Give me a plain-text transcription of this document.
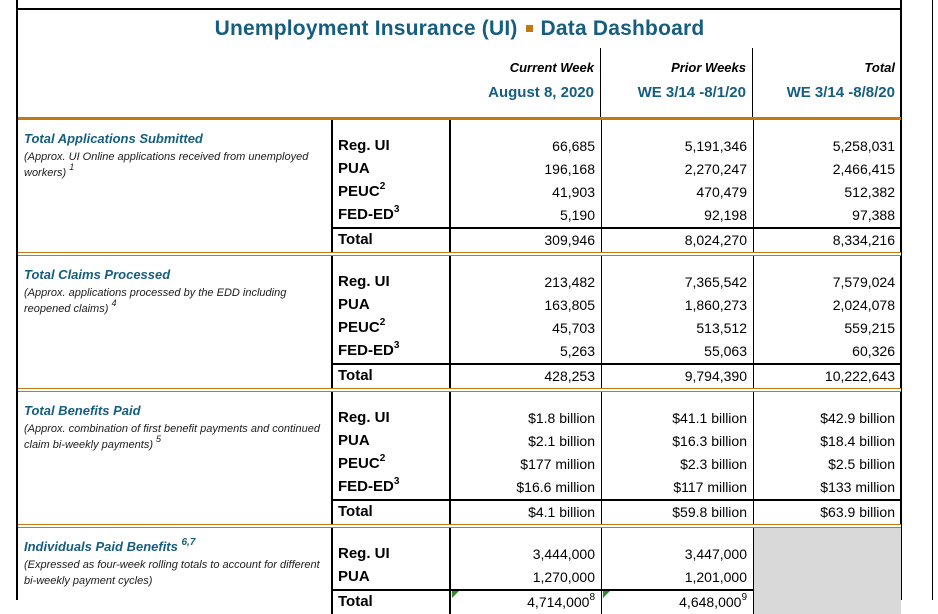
Unemployment Insurance (UI) Data Dashboard
Current Week
August 8, 2020
Prior Weeks
WE 3/14 -8/1/20
Total
WE 3/14 -8/8/20
Total Applications Submitted
(Approx. UI Online applications received from unemployed workers) $^1$
Reg. UI	66,685	5,191,346	5,258,031
PUA	196,168	2,270,247	2,466,415
PEUC$^2$	41,903	470,479	512,382
FED-$ED^3$	5,190	92,198	97,388
Total	309,946	8,024,270	8,334,216
Total Claims Processed
(Approx. applications processed by the EDD including reopened claims) $^4$
Reg. UI	213,482	7,365,542	7,579,024
PUA	163,805	1,860,273	2,024,078
PEUC$^2$	45,703	513,512	559,215
FED-$ED^3$	5,263	55,063	60,326
Total	428,253	9,794,390	10,222,643
Total Benefits Paid
(Approx. combination of first benefit payments and continued claim bi-weekly payments) $^5$
Reg. UI	$1.8 billion	$41.1 billion	$42.9 billion
PUA	$2.1 billion	$16.3 billion	$18.4 billion
PEUC$^2$	$177 million	$2.3 billion	$2.5 billion
FED-$ED^3$	$16.6 million	$117 million	$133 million
Total	$4.1 billion	$59.8 billion	$63.9 billion
Individuals Paid Benefits $^{6,7}$
(Expressed as four-week rolling totals to account for different bi-weekly payment cycles)
Reg. UI	3,444,000	3,447,000
PUA	1,270,000	1,201,000
Total	4,714,000$^8$	4,648,000$^9$
